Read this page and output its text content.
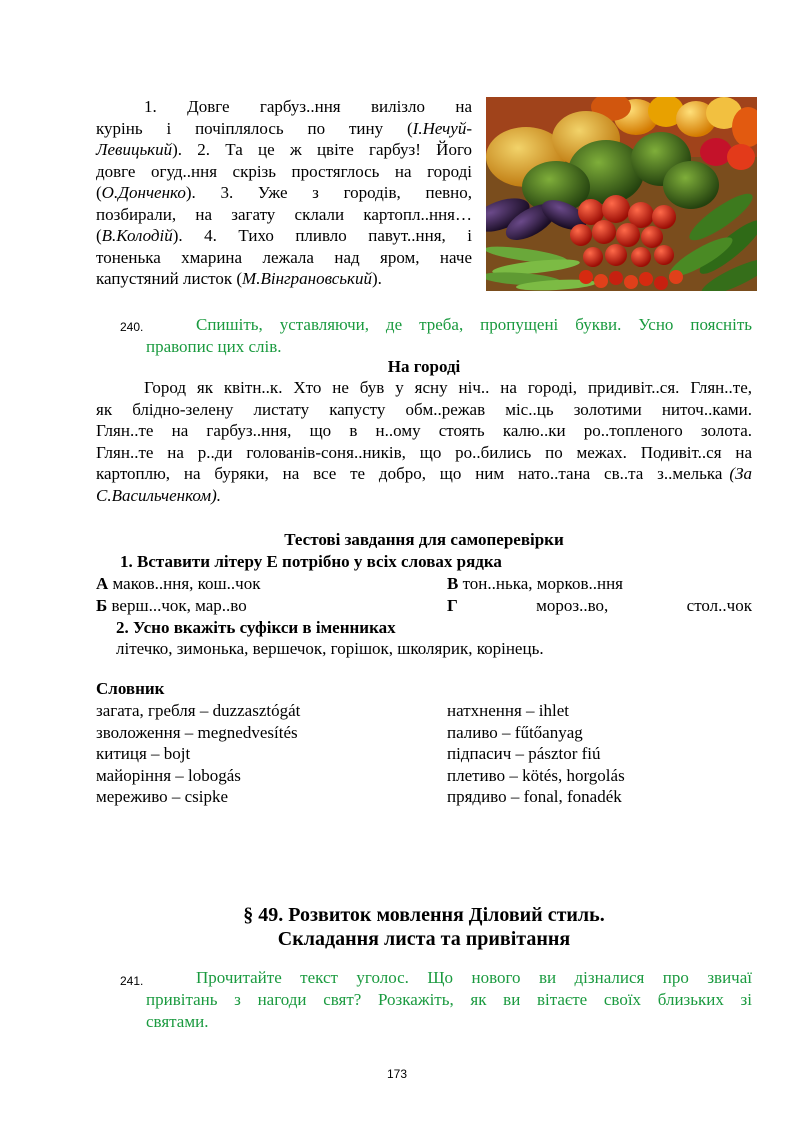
1. Довге гарбуз..ння вилізло на
курінь і почіплялось по тину (І.Нечуй-
Левицький). 2. Та це ж цвіте гарбуз! Його
довге огуд..ння скрізь простяглось на городі
(О.Донченко). 3. Уже з городів, певно,
позбирали, на загату склали картопл..ння…
(В.Колодій). 4. Тихо пливло павут..ння, і
тоненька хмарина лежала над яром, наче
капустяний листок (М.Вінграновський).
240.	Спишіть, уставляючи, де треба, пропущені букви. Усно поясніть
правопис цих слів.
На городі
Город як квітн..к. Хто не був у ясну ніч.. на городі, придивіт..ся. Глян..те,
як блідно-зелену листату капусту обм..режав міс..ць золотими ниточ..ками.
Глян..те на гарбуз..ння, що в н..ому стоять калю..ки ро..топленого золота.
Глян..те на р..ди голованів-соня..ників, що ро..бились по межах. Подивіт..ся на
картоплю, на буряки, на все те добро, що ним нато..тана св..та з..мелька (За
С.Васильченком).
Тестові завдання для самоперевірки
1. Вставити літеру Е потрібно у всіх словах рядка
А маков..ння, кош..чок	В тон..нька, морков..ння
Б верш...чок, мар..во	Г	мороз..во,	стол..чок
2. Усно вкажіть суфікси в іменниках
літечко, зимонька, вершечок, горішок, школярик, корінець.
Словник
загата, гребля – duzzasztógát
зволоження – megnedvesítés
китиця – bojt
майоріння – lobogás
мереживо – csipke
натхнення – ihlet
паливо – fűtőanyag
підпасич – pásztor fiú
плетиво – kötés, horgolás
прядиво – fonal, fonadék
§ 49. Розвиток мовлення Діловий стиль.
Складання листа та привітання
241.	Прочитайте текст уголос. Що нового ви дізналися про звичаї
привітань з нагоди свят? Розкажіть, як ви вітаєте своїх близьких зі
святами.
173
